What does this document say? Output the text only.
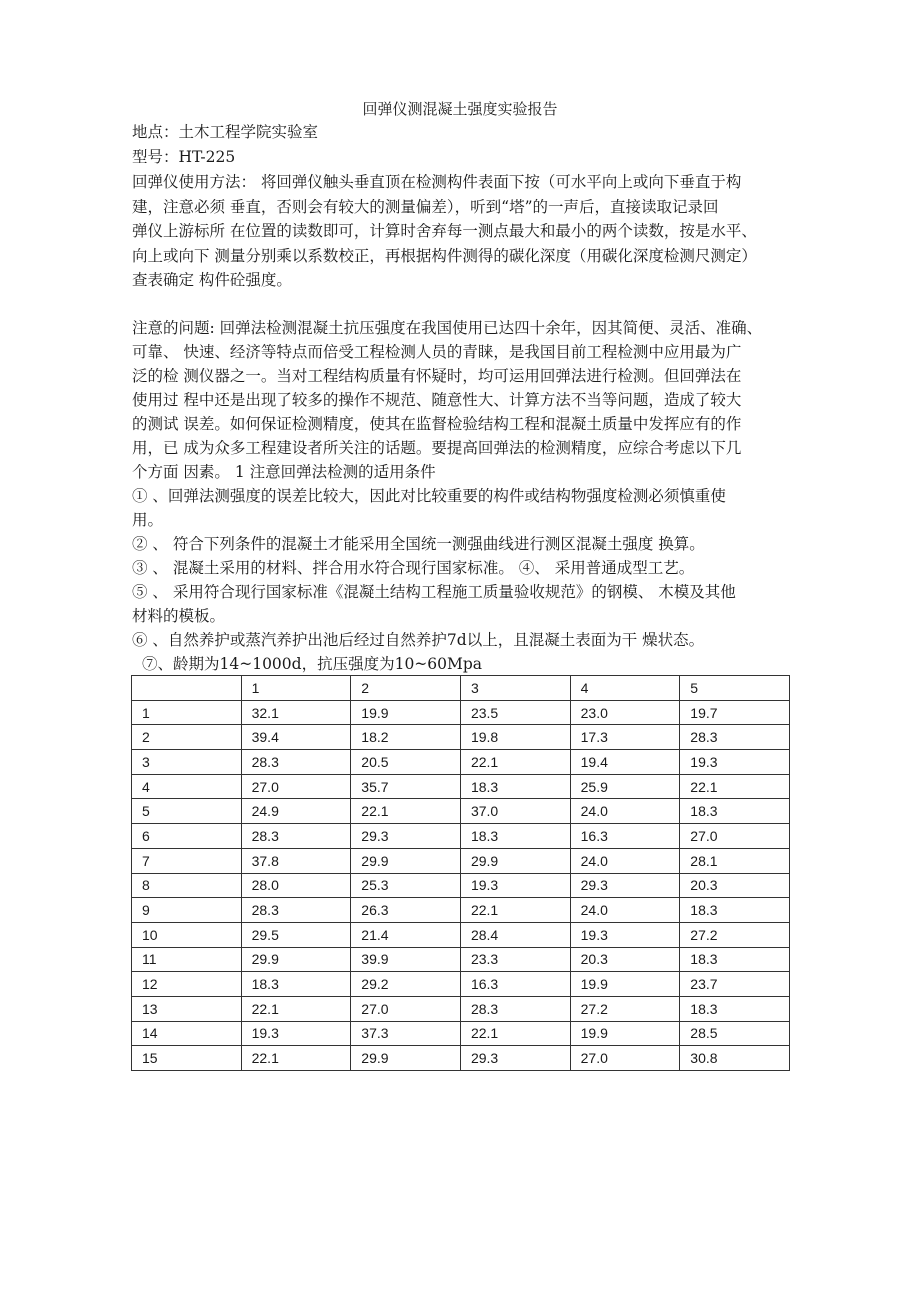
回弹仪测混凝土强度实验报告
地点：土木工程学院实验室
型号：HT-225
回弹仪使用方法： 将回弹仪触头垂直顶在检测构件表面下按（可水平向上或向下垂直于构
建，注意必须 垂直，否则会有较大的测量偏差），听到“塔”的一声后，直接读取记录回
弹仪上游标所 在位置的读数即可，计算时舍弃每一测点最大和最小的两个读数，按是水平、
向上或向下 测量分别乘以系数校正，再根据构件测得的碳化深度（用碳化深度检测尺测定）
查表确定 构件砼强度。
注意的问题: 回弹法检测混凝土抗压强度在我国使用已达四十余年，因其简便、灵活、准确、
可靠、 快速、经济等特点而倍受工程检测人员的青睐，是我国目前工程检测中应用最为广
泛的检 测仪器之一。当对工程结构质量有怀疑时，均可运用回弹法进行检测。但回弹法在
使用过 程中还是出现了较多的操作不规范、随意性大、计算方法不当等问题，造成了较大
的测试 误差。如何保证检测精度，使其在监督检验结构工程和混凝土质量中发挥应有的作
用，已 成为众多工程建设者所关注的话题。要提高回弹法的检测精度，应综合考虑以下几
个方面 因素。 1 注意回弹法检测的适用条件
① 、回弹法测强度的误差比较大，因此对比较重要的构件或结构物强度检测必须慎重使
用。
② 、 符合下列条件的混凝土才能采用全国统一测强曲线进行测区混凝土强度 换算。
③ 、 混凝土采用的材料、拌合用水符合现行国家标准。 ④、 采用普通成型工艺。
⑤ 、 采用符合现行国家标准《混凝土结构工程施工质量验收规范》的钢模、 木模及其他
材料的模板。
⑥ 、自然养护或蒸汽养护出池后经过自然养护7d以上，且混凝土表面为干 燥状态。
⑦、龄期为14~1000d，抗压强度为10~60Mpa
	1	2	3	4	5
1	32.1	19.9	23.5	23.0	19.7
2	39.4	18.2	19.8	17.3	28.3
3	28.3	20.5	22.1	19.4	19.3
4	27.0	35.7	18.3	25.9	22.1
5	24.9	22.1	37.0	24.0	18.3
6	28.3	29.3	18.3	16.3	27.0
7	37.8	29.9	29.9	24.0	28.1
8	28.0	25.3	19.3	29.3	20.3
9	28.3	26.3	22.1	24.0	18.3
10	29.5	21.4	28.4	19.3	27.2
11	29.9	39.9	23.3	20.3	18.3
12	18.3	29.2	16.3	19.9	23.7
13	22.1	27.0	28.3	27.2	18.3
14	19.3	37.3	22.1	19.9	28.5
15	22.1	29.9	29.3	27.0	30.8
